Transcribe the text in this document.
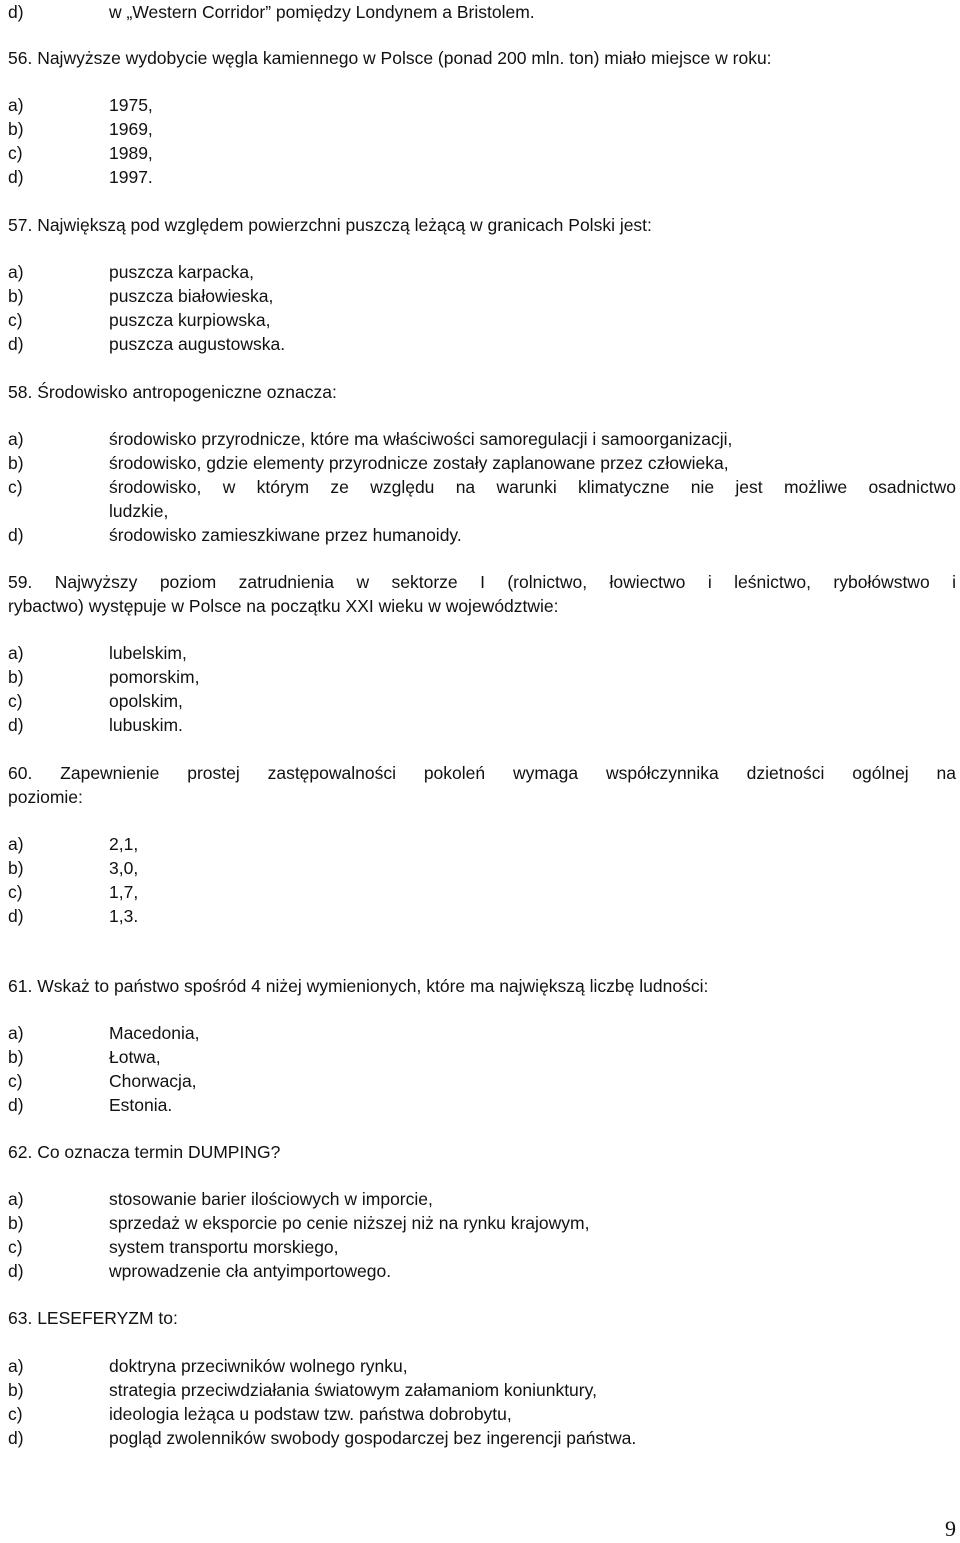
d)	w „Western Corridor” pomiędzy Londynem a Bristolem.
56. Najwyższe wydobycie węgla kamiennego w Polsce (ponad 200 mln. ton) miało miejsce w roku:
a)	1975,
b)	1969,
c)	1989,
d)	1997.
57. Największą pod względem powierzchni puszczą leżącą w granicach Polski jest:
a)	puszcza karpacka,
b)	puszcza białowieska,
c)	puszcza kurpiowska,
d)	puszcza augustowska.
58. Środowisko antropogeniczne oznacza:
a)	środowisko przyrodnicze, które ma właściwości samoregulacji i samoorganizacji,
b)	środowisko, gdzie elementy przyrodnicze zostały zaplanowane przez człowieka,
c)	środowisko, w którym ze względu na warunki klimatyczne nie jest możliwe osadnictwo
ludzkie,
d)	środowisko zamieszkiwane przez humanoidy.
59. Najwyższy poziom zatrudnienia w sektorze I (rolnictwo, łowiectwo i leśnictwo, rybołówstwo i
rybactwo) występuje w Polsce na początku XXI wieku w województwie:
a)	lubelskim,
b)	pomorskim,
c)	opolskim,
d)	lubuskim.
60. Zapewnienie prostej zastępowalności pokoleń wymaga współczynnika dzietności ogólnej na
poziomie:
a)	2,1,
b)	3,0,
c)	1,7,
d)	1,3.
61. Wskaż to państwo spośród 4 niżej wymienionych, które ma największą liczbę ludności:
a)	Macedonia,
b)	Łotwa,
c)	Chorwacja,
d)	Estonia.
62. Co oznacza termin DUMPING?
a)	stosowanie barier ilościowych w imporcie,
b)	sprzedaż w eksporcie po cenie niższej niż na rynku krajowym,
c)	system transportu morskiego,
d)	wprowadzenie cła antyimportowego.
63. LESEFERYZM to:
a)	doktryna przeciwników wolnego rynku,
b)	strategia przeciwdziałania światowym załamaniom koniunktury,
c)	ideologia leżąca u podstaw tzw. państwa dobrobytu,
d)	pogląd zwolenników swobody gospodarczej bez ingerencji państwa.
9
